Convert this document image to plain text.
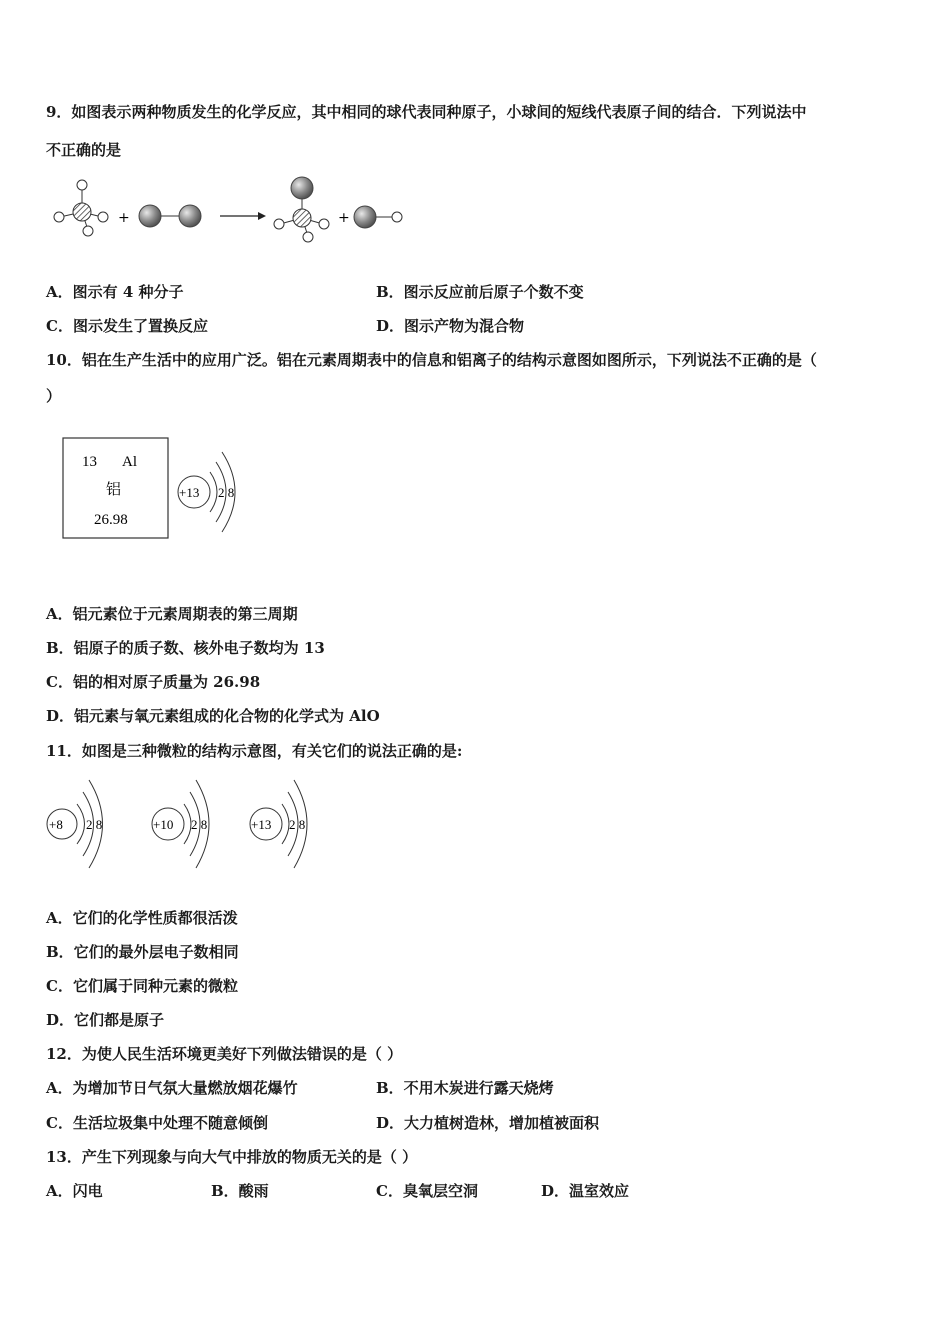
9．如图表示两种物质发生的化学反应，其中相同的球代表同种原子，小球间的短线代表原子间的结合．下列说法中
不正确的是
+	+
A．图示有 4 种分子	B．图示反应前后原子个数不变
C．图示发生了置换反应	D．图示产物为混合物
10．铝在生产生活中的应用广泛。铝在元素周期表中的信息和铝离子的结构示意图如图所示，下列说法不正确的是（
）
13 Al
铝
26.98
+13 2 8
A．铝元素位于元素周期表的第三周期
B．铝原子的质子数、核外电子数均为 13
C．铝的相对原子质量为 26.98
D．铝元素与氧元素组成的化合物的化学式为 AlO
11．如图是三种微粒的结构示意图，有关它们的说法正确的是:
+8 2 8	+10 2 8	+13 2 8
A．它们的化学性质都很活泼
B．它们的最外层电子数相同
C．它们属于同种元素的微粒
D．它们都是原子
12．为使人民生活环境更美好下列做法错误的是（ ）
A．为增加节日气氛大量燃放烟花爆竹	B．不用木炭进行露天烧烤
C．生活垃圾集中处理不随意倾倒	D．大力植树造林，增加植被面积
13．产生下列现象与向大气中排放的物质无关的是（ ）
A．闪电	B．酸雨	C．臭氧层空洞	D．温室效应
